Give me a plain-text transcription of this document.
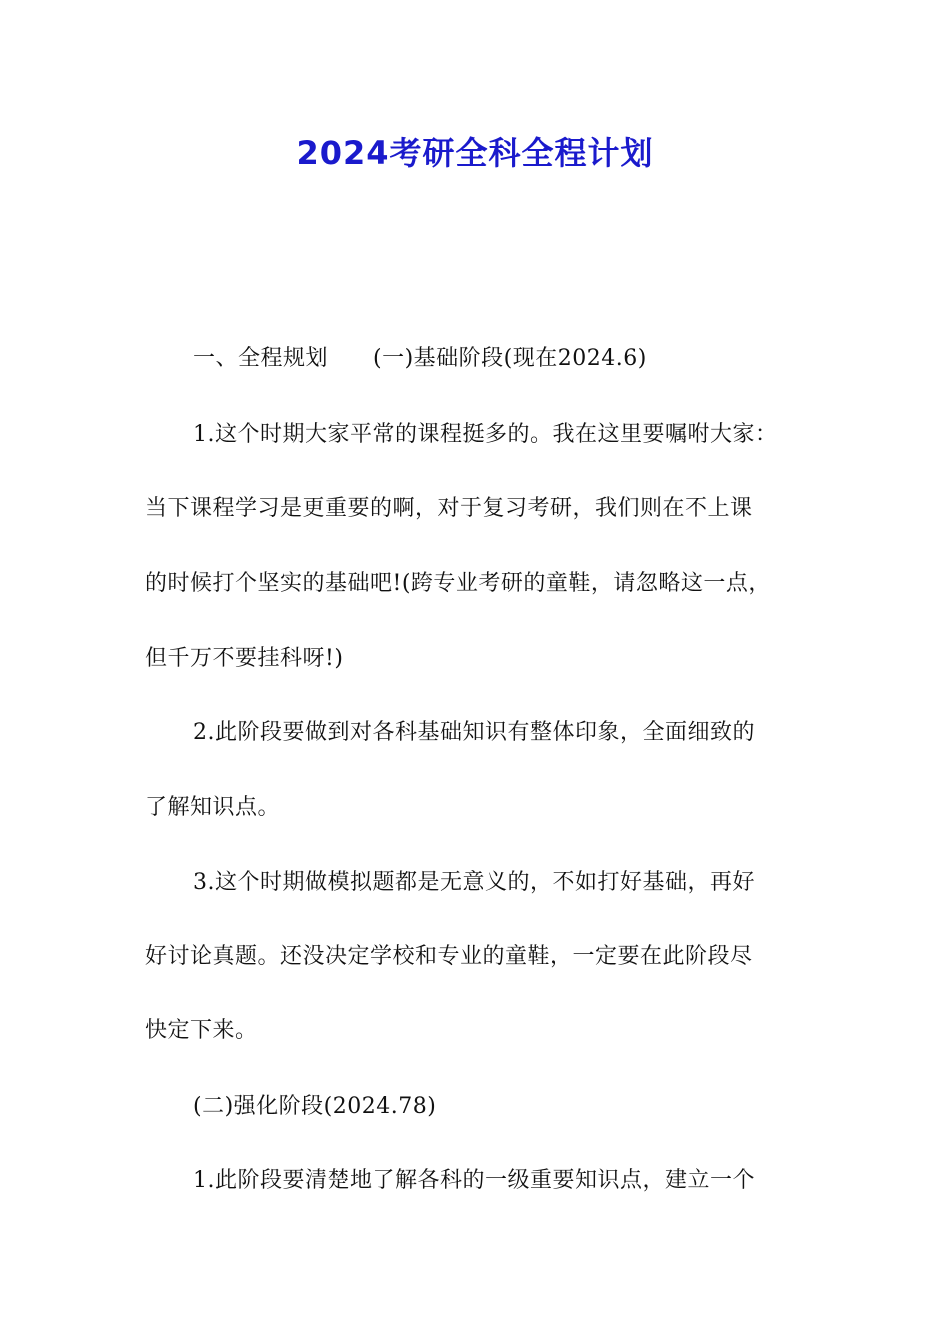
2024考研全科全程计划
一、全程规划　　(一)基础阶段(现在2024.6)
1.这个时期大家平常的课程挺多的。我在这里要嘱咐大家：
当下课程学习是更重要的啊，对于复习考研，我们则在不上课
的时候打个坚实的基础吧!(跨专业考研的童鞋，请忽略这一点，
但千万不要挂科呀!)
2.此阶段要做到对各科基础知识有整体印象，全面细致的
了解知识点。
3.这个时期做模拟题都是无意义的，不如打好基础，再好
好讨论真题。还没决定学校和专业的童鞋，一定要在此阶段尽
快定下来。
(二)强化阶段(2024.78)
1.此阶段要清楚地了解各科的一级重要知识点，建立一个
